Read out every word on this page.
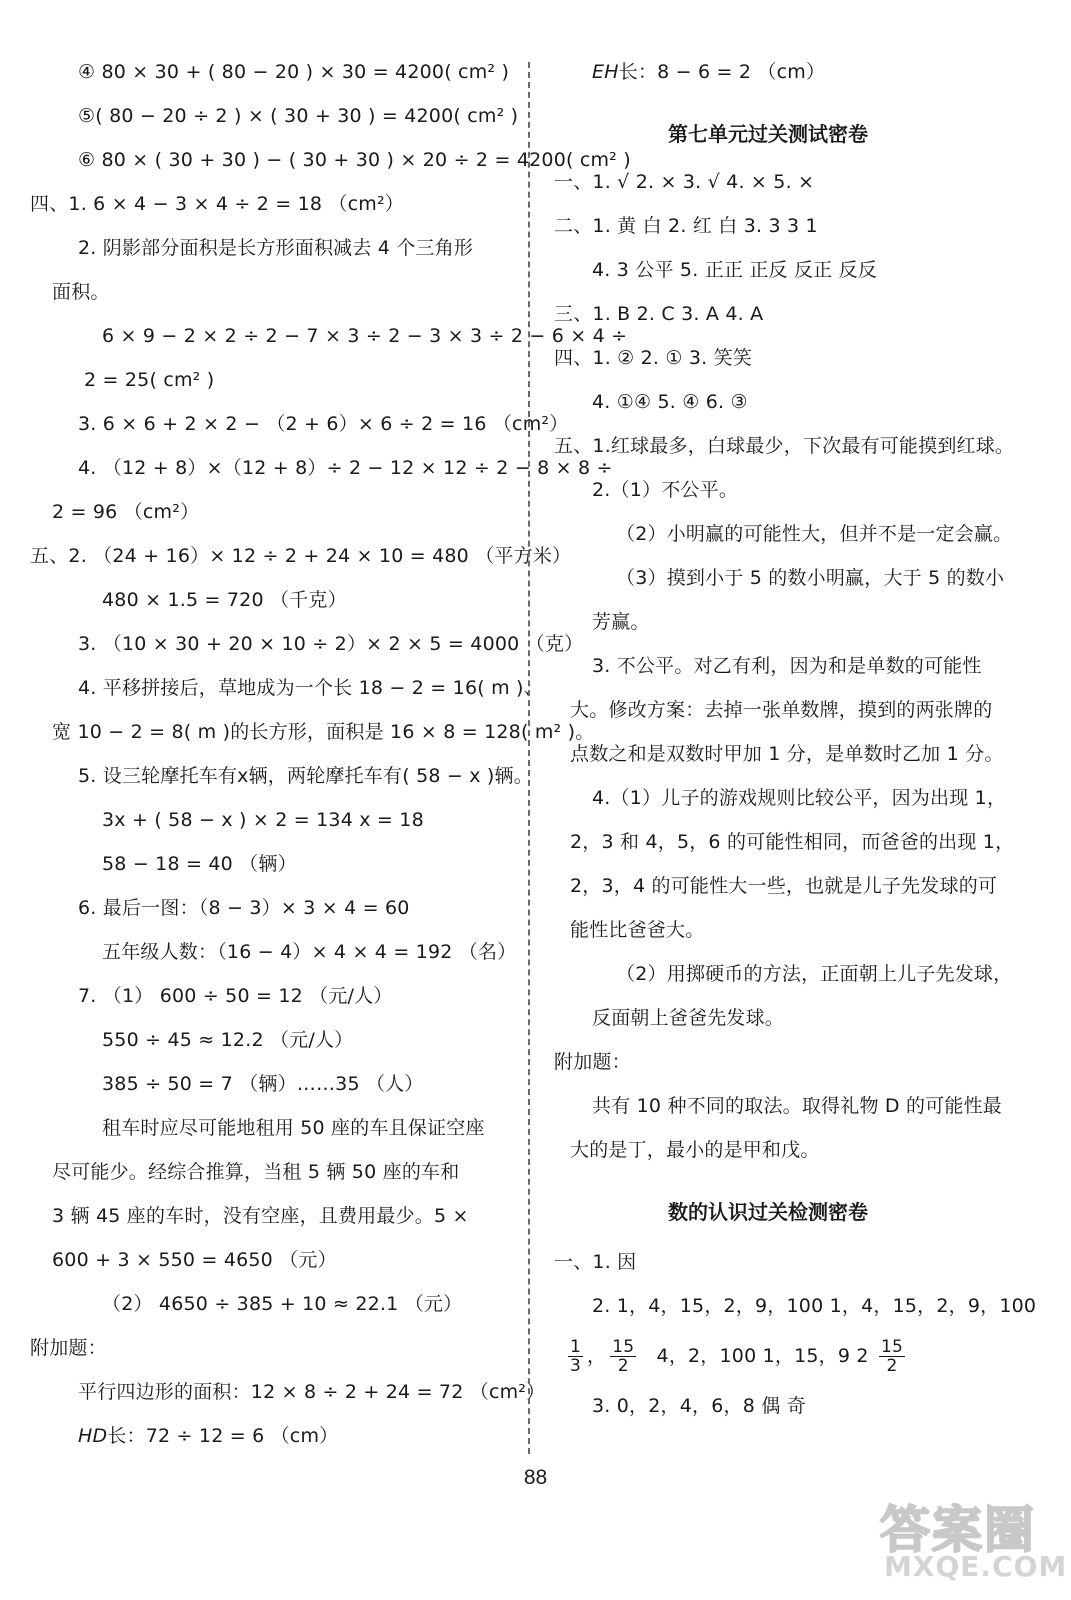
④ 80 × 30 + ( 80 − 20 ) × 30 = 4200( cm² )
⑤( 80 − 20 ÷ 2 ) × ( 30 + 30 ) = 4200( cm² )
⑥ 80 × ( 30 + 30 ) − ( 30 + 30 ) × 20 ÷ 2 = 4200( cm² )
四、1. 6 × 4 − 3 × 4 ÷ 2 = 18 （cm²）
2. 阴影部分面积是长方形面积减去 4 个三角形
面积。
6 × 9 − 2 × 2 ÷ 2 − 7 × 3 ÷ 2 − 3 × 3 ÷ 2 − 6 × 4 ÷
2 = 25( cm² )
3. 6 × 6 + 2 × 2 − （2 + 6）× 6 ÷ 2 = 16 （cm²）
4. （12 + 8）×（12 + 8）÷ 2 − 12 × 12 ÷ 2 − 8 × 8 ÷
2 = 96 （cm²）
五、2. （24 + 16）× 12 ÷ 2 + 24 × 10 = 480 （平方米）
480 × 1.5 = 720 （千克）
3. （10 × 30 + 20 × 10 ÷ 2）× 2 × 5 = 4000 （克）
4. 平移拼接后，草地成为一个长 18 − 2 = 16( m )、
宽 10 − 2 = 8( m )的长方形，面积是 16 × 8 = 128( m² )。
5. 设三轮摩托车有x辆，两轮摩托车有( 58 − x )辆。
3x + ( 58 − x ) × 2 = 134 x = 18
58 − 18 = 40 （辆）
6. 最后一图：（8 − 3）× 3 × 4 = 60
五年级人数：（16 − 4）× 4 × 4 = 192 （名）
7. （1） 600 ÷ 50 = 12 （元/人）
550 ÷ 45 ≈ 12.2 （元/人）
385 ÷ 50 = 7 （辆）……35 （人）
租车时应尽可能地租用 50 座的车且保证空座
尽可能少。经综合推算，当租 5 辆 50 座的车和
3 辆 45 座的车时，没有空座，且费用最少。5 ×
600 + 3 × 550 = 4650 （元）
（2） 4650 ÷ 385 + 10 ≈ 22.1 （元）
附加题：
平行四边形的面积：12 × 8 ÷ 2 + 24 = 72 （cm²）
HD长：72 ÷ 12 = 6 （cm）
EH长：8 − 6 = 2 （cm）
第七单元过关测试密卷
一、1. √ 2. × 3. √ 4. × 5. ×
二、1. 黄 白 2. 红 白 3. 3 3 1
4. 3 公平 5. 正正 正反 反正 反反
三、1. B 2. C 3. A 4. A
四、1. ② 2. ① 3. 笑笑
4. ①④ 5. ④ 6. ③
五、1.红球最多，白球最少，下次最有可能摸到红球。
2.（1）不公平。
（2）小明赢的可能性大，但并不是一定会赢。
（3）摸到小于 5 的数小明赢，大于 5 的数小
芳赢。
3. 不公平。对乙有利，因为和是单数的可能性
大。修改方案：去掉一张单数牌，摸到的两张牌的
点数之和是双数时甲加 1 分，是单数时乙加 1 分。
4.（1）儿子的游戏规则比较公平，因为出现 1，
2，3 和 4，5，6 的可能性相同，而爸爸的出现 1，
2，3，4 的可能性大一些，也就是儿子先发球的可
能性比爸爸大。
（2）用掷硬币的方法，正面朝上儿子先发球，
反面朝上爸爸先发球。
附加题：
共有 10 种不同的取法。取得礼物 D 的可能性最
大的是丁，最小的是甲和戊。
数的认识过关检测密卷
一、1. 因
2. 1，4，15，2，9，100 1，4，15，2，9，100
$\frac{1}{3}$ ， $\frac{15}{2} 4$，2，100 1，15，9 $2 \frac{15}{2}$
3. 0，2，4，6，8 偶 奇
88
答案圈
MXQE.COM
